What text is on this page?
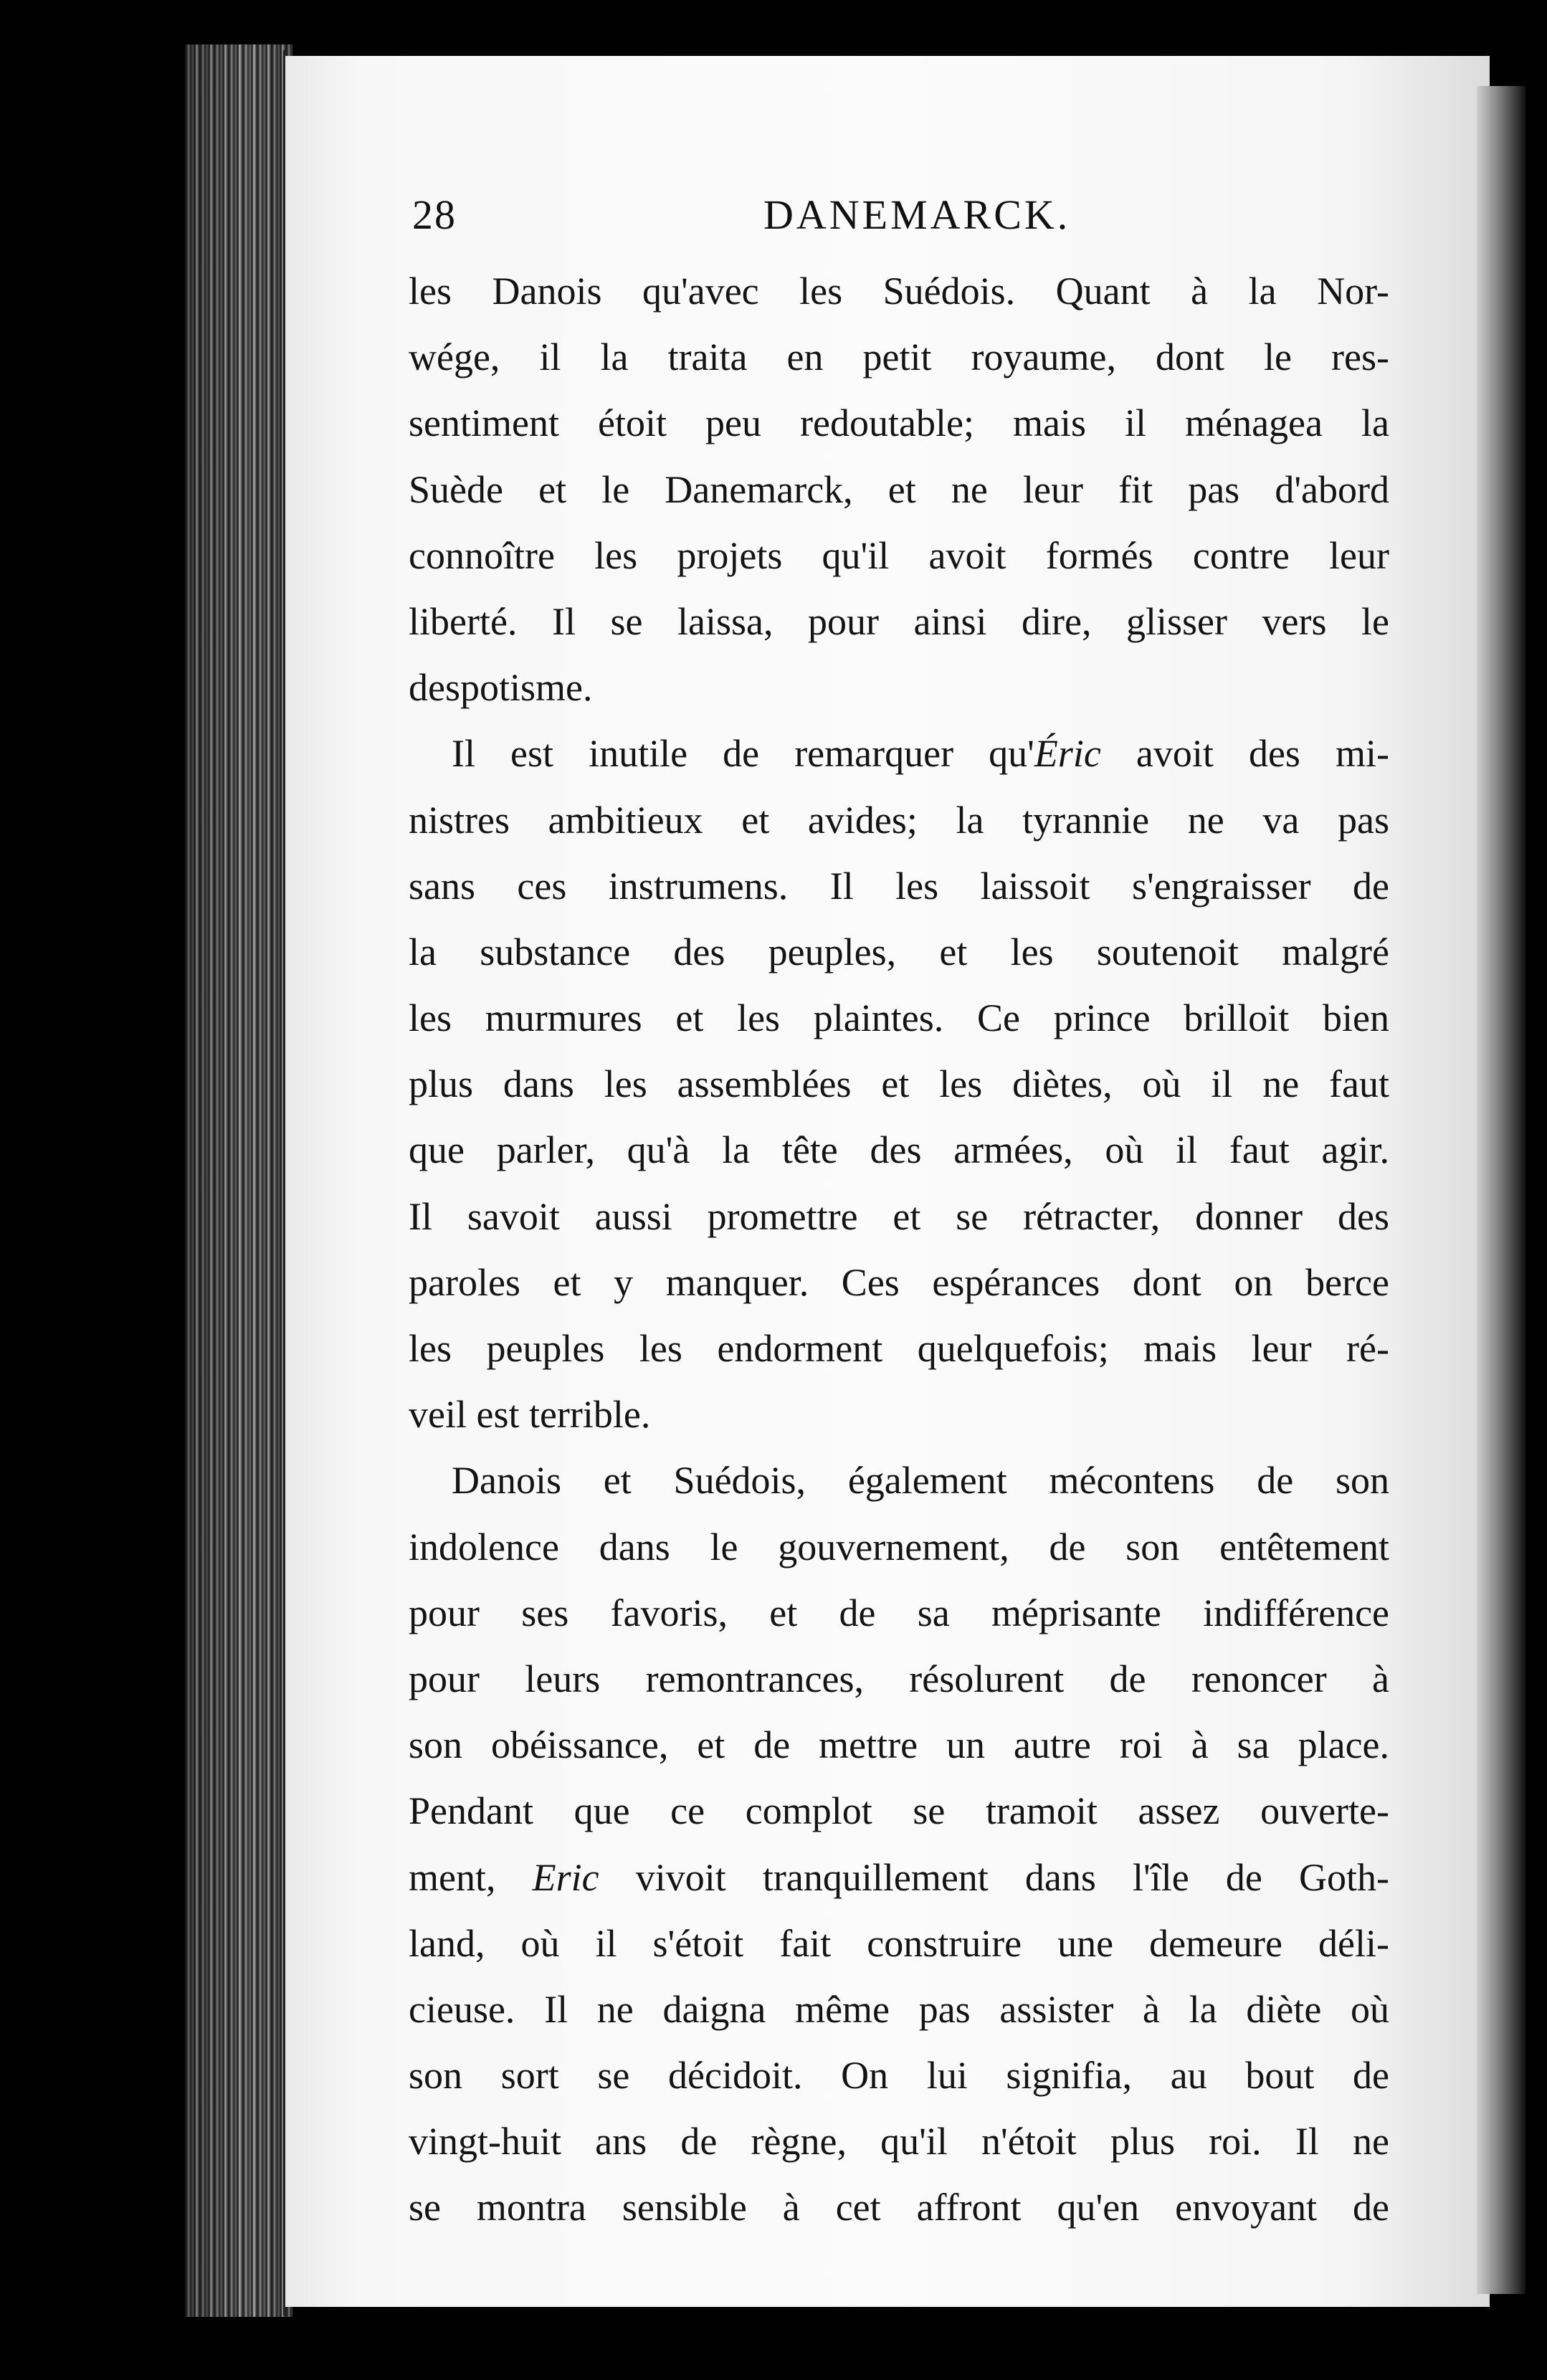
28	DANEMARCK.
les Danois qu'avec les Suédois. Quant à la Nor-
wége, il la traita en petit royaume, dont le res-
sentiment étoit peu redoutable; mais il ménagea la
Suède et le Danemarck, et ne leur fit pas d'abord
connoître les projets qu'il avoit formés contre leur
liberté. Il se laissa, pour ainsi dire, glisser vers le
despotisme.
Il est inutile de remarquer qu'Éric avoit des mi-
nistres ambitieux et avides; la tyrannie ne va pas
sans ces instrumens. Il les laissoit s'engraisser de
la substance des peuples, et les soutenoit malgré
les murmures et les plaintes. Ce prince brilloit bien
plus dans les assemblées et les diètes, où il ne faut
que parler, qu'à la tête des armées, où il faut agir.
Il savoit aussi promettre et se rétracter, donner des
paroles et y manquer. Ces espérances dont on berce
les peuples les endorment quelquefois; mais leur ré-
veil est terrible.
Danois et Suédois, également mécontens de son
indolence dans le gouvernement, de son entêtement
pour ses favoris, et de sa méprisante indifférence
pour leurs remontrances, résolurent de renoncer à
son obéissance, et de mettre un autre roi à sa place.
Pendant que ce complot se tramoit assez ouverte-
ment, Eric vivoit tranquillement dans l'île de Goth-
land, où il s'étoit fait construire une demeure déli-
cieuse. Il ne daigna même pas assister à la diète où
son sort se décidoit. On lui signifia, au bout de
vingt-huit ans de règne, qu'il n'étoit plus roi. Il ne
se montra sensible à cet affront qu'en envoyant de
